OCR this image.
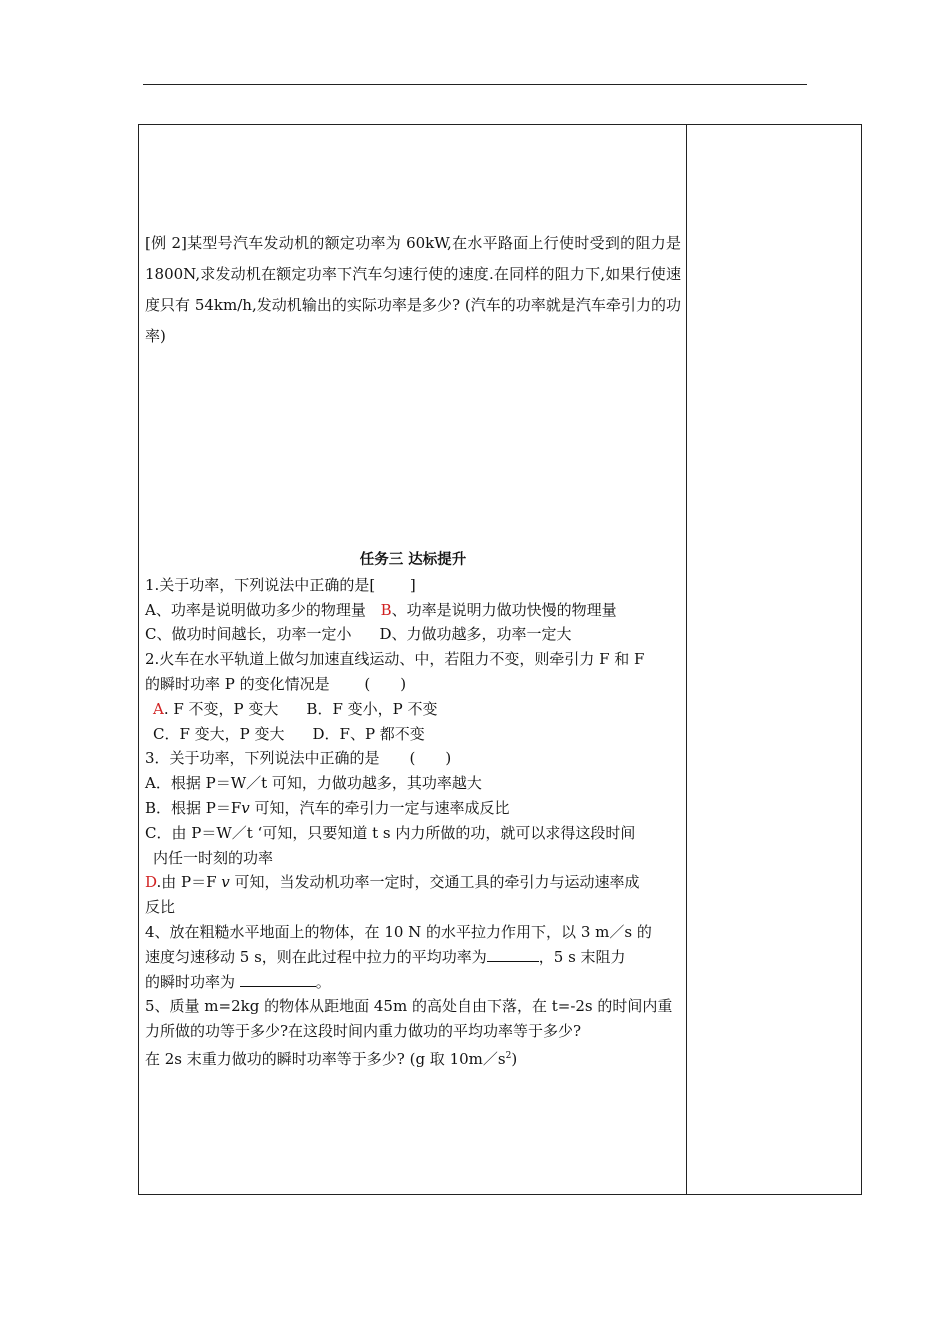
[例 2]某型号汽车发动机的额定功率为 60kW,在水平路面上行使时受到的阻力是 1800N,求发动机在额定功率下汽车匀速行使的速度.在同样的阻力下,如果行使速度只有 54km/h,发动机输出的实际功率是多少? (汽车的功率就是汽车牵引力的功率)
任务三 达标提升
1.关于功率，下列说法中正确的是[　　 ]
A、功率是说明做功多少的物理量 B、功率是说明力做功快慢的物理量
C、做功时间越长，功率一定小 D、力做功越多，功率一定大
2.火车在水平轨道上做匀加速直线运动、中，若阻力不变，则牵引力 F 和 F
的瞬时功率 P 的变化情况是　　 (　　)
A. F 不变，P 变大 B．F 变小，P 不变
C．F 变大，P 变大 D．F、P 都不变
3．关于功率，下列说法中正确的是　　(　　)
A．根据 P＝W／t 可知，力做功越多，其功率越大
B．根据 P＝F𝑣 可知，汽车的牵引力一定与速率成反比
C．由 P＝W／t ‘可知，只要知道 t s 内力所做的功，就可以求得这段时间
内任一时刻的功率
D.由 P＝F 𝑣 可知，当发动机功率一定时，交通工具的牵引力与运动速率成
反比
4、放在粗糙水平地面上的物体，在 10 N 的水平拉力作用下，以 3 m／s 的
速度匀速移动 5 s，则在此过程中拉力的平均功率为	，5 s 末阻力
的瞬时功率为	。
5、质量 m=2kg 的物体从距地面 45m 的高处自由下落，在 t=-2s 的时间内重
力所做的功等于多少?在这段时间内重力做功的平均功率等于多少?
在 2s 末重力做功的瞬时功率等于多少? (g 取 $10m/s^2$)
